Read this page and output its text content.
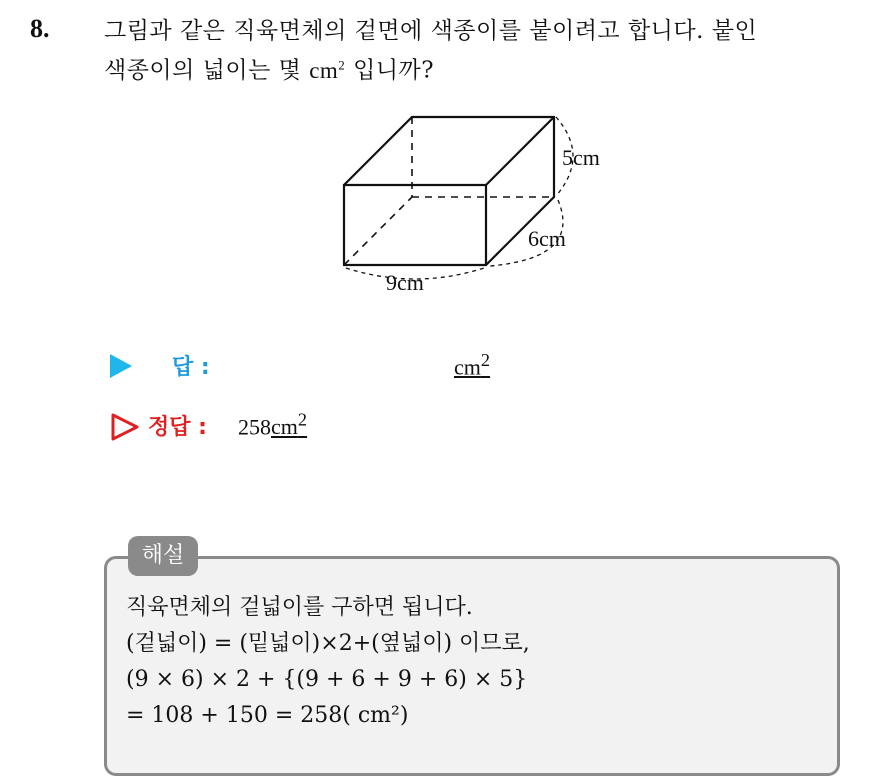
8. 그림과 같은 직육면체의 겉면에 색종이를 붙이려고 합니다. 붙인
색종이의 넓이는 몇 $cm^2$ 입니까?
5cm
6cm
9cm
답 :	$cm^2$
정답 : $258cm^2$
해설
직육면체의 겉넓이를 구하면 됩니다.
(겉넓이) = (밑넓이)×2+(옆넓이) 이므로,
(9 × 6) × 2 + {(9 + 6 + 9 + 6) × 5}
= 108 + 150 = 258( cm²)
